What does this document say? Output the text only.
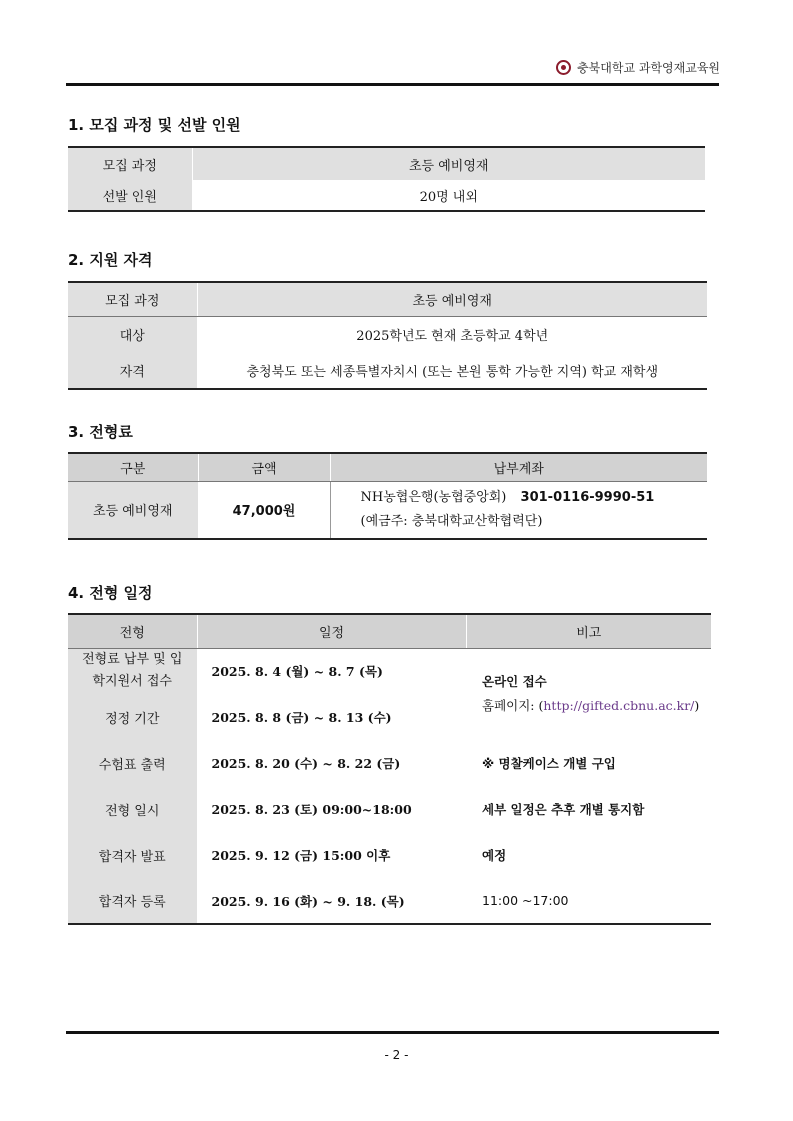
충북대학교 과학영재교육원
1. 모집 과정 및 선발 인원
모집 과정	초등 예비영재
선발 인원	20명 내외
2. 지원 자격
모집 과정	초등 예비영재
대상	2025학년도 현재 초등학교 4학년
자격	충청북도 또는 세종특별자치시 (또는 본원 통학 가능한 지역) 학교 재학생
3. 전형료
구분	금액	납부계좌
초등 예비영재	47,000원	NH농협은행(농협중앙회) 301-0116-9990-51
(예금주: 충북대학교산학협력단)
4. 전형 일정
전형	일정	비고
전형료 납부 및 입학지원서 접수	2025. 8. 4 (월) ~ 8. 7 (목)	온라인 접수
홈페이지: (http://gifted.cbnu.ac.kr/)

정정 기간	2025. 8. 8 (금) ~ 8. 13 (수)	
수험표 출력	2025. 8. 20 (수) ~ 8. 22 (금)	※ 명찰케이스 개별 구입
전형 일시	2025. 8. 23 (토) 09:00~18:00	세부 일정은 추후 개별 통지함
합격자 발표	2025. 9. 12 (금) 15:00 이후	예정
합격자 등록	2025. 9. 16 (화) ~ 9. 18. (목)	11:00 ~17:00
- 2 -
